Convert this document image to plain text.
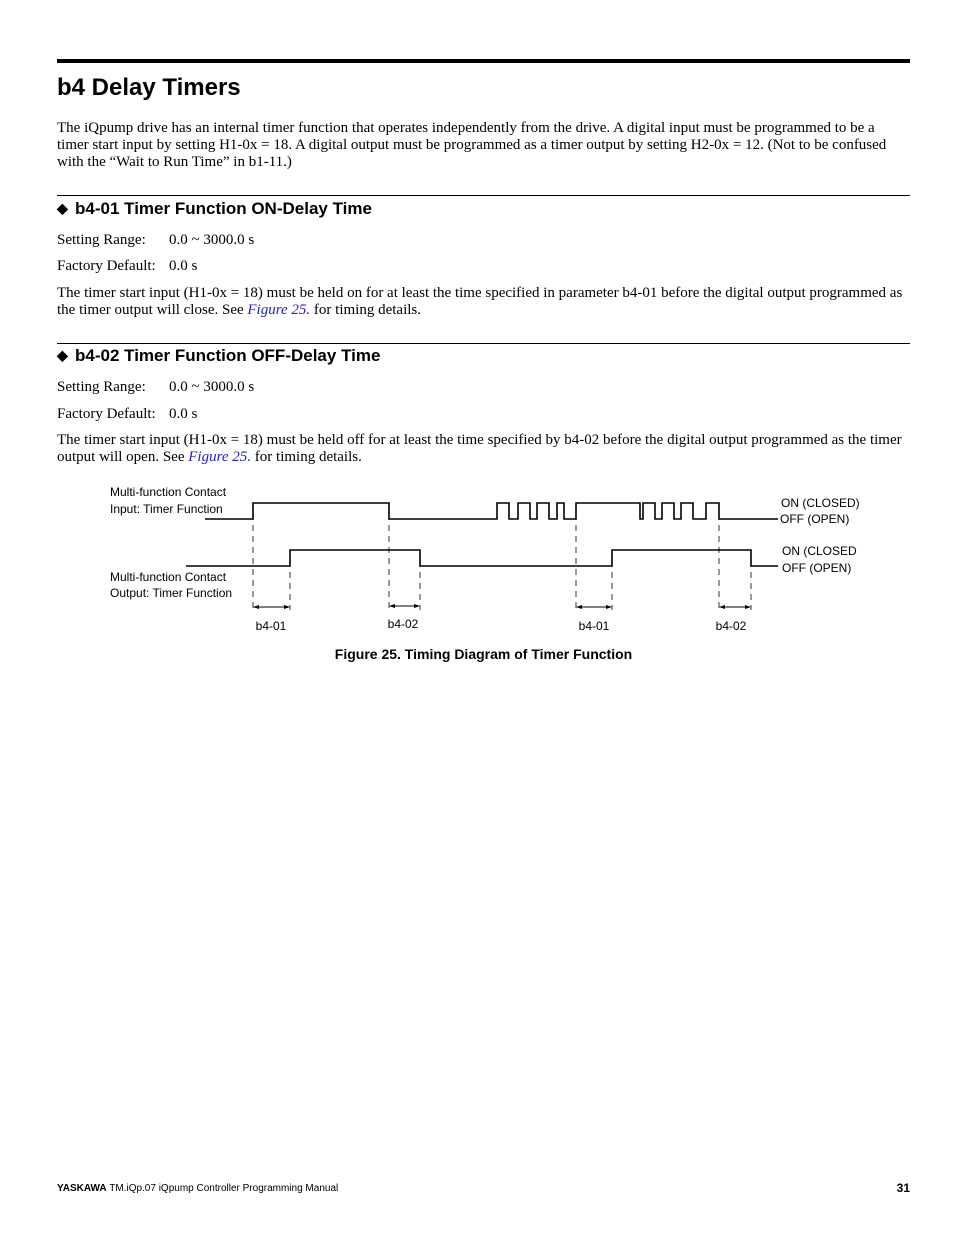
b4 Delay Timers

The iQpump drive has an internal timer function that operates independently from the drive. A digital input must be programmed to be a timer start input by setting H1-0x = 18. A digital output must be programmed as a timer output by setting H2-0x = 12. (Not to be confused with the “Wait to Run Time” in b1-11.)

◆ b4-01 Timer Function ON-Delay Time
Setting Range: 0.0 ~ 3000.0 s
Factory Default: 0.0 s

The timer start input (H1-0x = 18) must be held on for at least the time specified in parameter b4-01 before the digital output programmed as the timer output will close. See Figure 25. for timing details.

◆ b4-02 Timer Function OFF-Delay Time
Setting Range: 0.0 ~ 3000.0 s
Factory Default: 0.0 s

The timer start input (H1-0x = 18) must be held off for at least the time specified by b4-02 before the digital output programmed as the timer output will open. See Figure 25. for timing details.

Multi-function Contact
Input: Timer Function
Multi-function Contact
Output: Timer Function
b4-01	b4-02	b4-01	b4-02
ON (CLOSED)
OFF (OPEN)
ON (CLOSED
OFF (OPEN)
Figure 25. Timing Diagram of Timer Function
YASKAWA TM.iQp.07 iQpump Controller Programming Manual	31
